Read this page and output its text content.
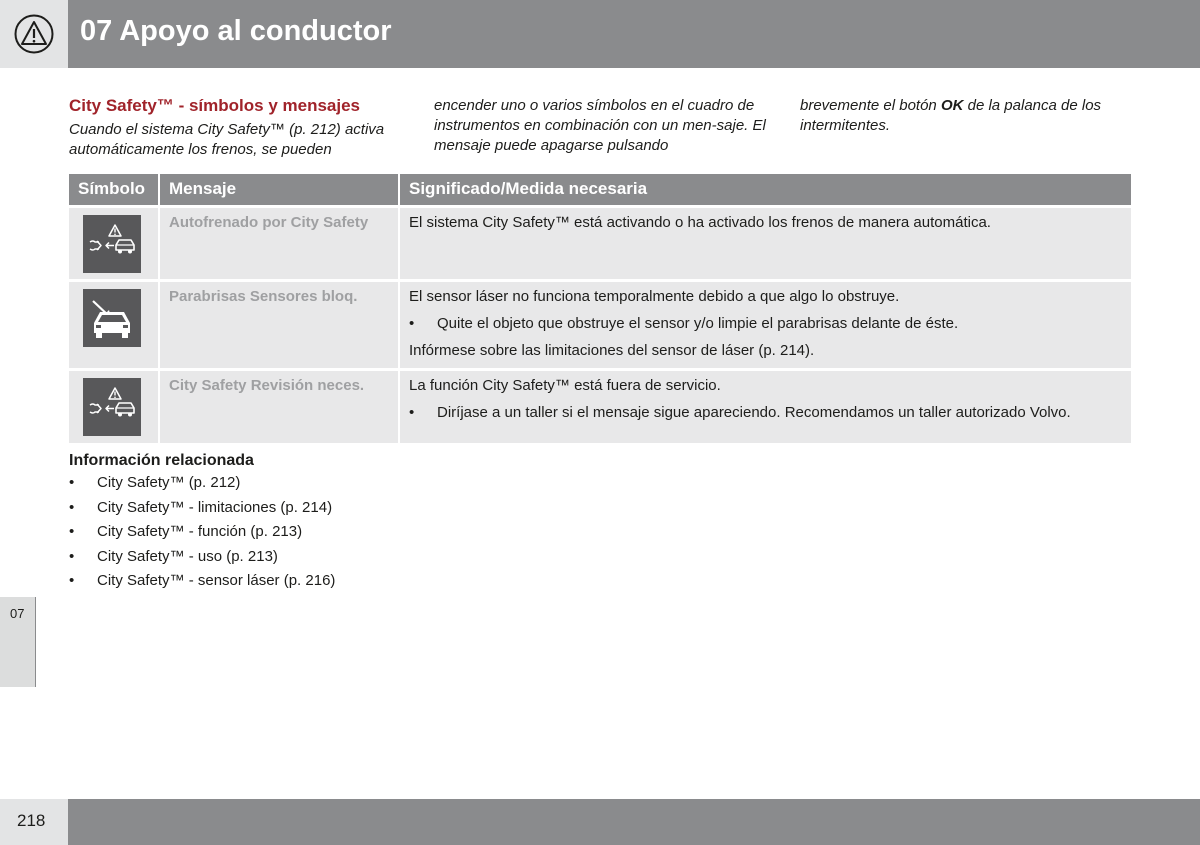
07 Apoyo al conductor
City Safety™ - símbolos y mensajes
Cuando el sistema City Safety™ (p. 212) activa automáticamente los frenos, se pueden
encender uno o varios símbolos en el cuadro de instrumentos en combinación con un men-saje. El mensaje puede apagarse pulsando
brevemente el botón OK de la palanca de los intermitentes.
Símbolo	Mensaje	Significado/Medida necesaria

	Autofrenado por City Safety	El sistema City Safety™ está activando o ha activado los frenos de manera automática.

	Parabrisas Sensores bloq.	El sensor láser no funciona temporalmente debido a que algo lo obstruye.

• Quite el objeto que obstruye el sensor y/o limpie el parabrisas delante de éste.

Infórmese sobre las limitaciones del sensor de láser (p. 214).

	City Safety Revisión neces.	La función City Safety™ está fuera de servicio.

• Diríjase a un taller si el mensaje sigue apareciendo. Recomendamos un taller autorizado Volvo.

Información relacionada
• City Safety™ (p. 212)
• City Safety™ - limitaciones (p. 214)
• City Safety™ - función (p. 213)
• City Safety™ - uso (p. 213)
• City Safety™ - sensor láser (p. 216)
07
218
